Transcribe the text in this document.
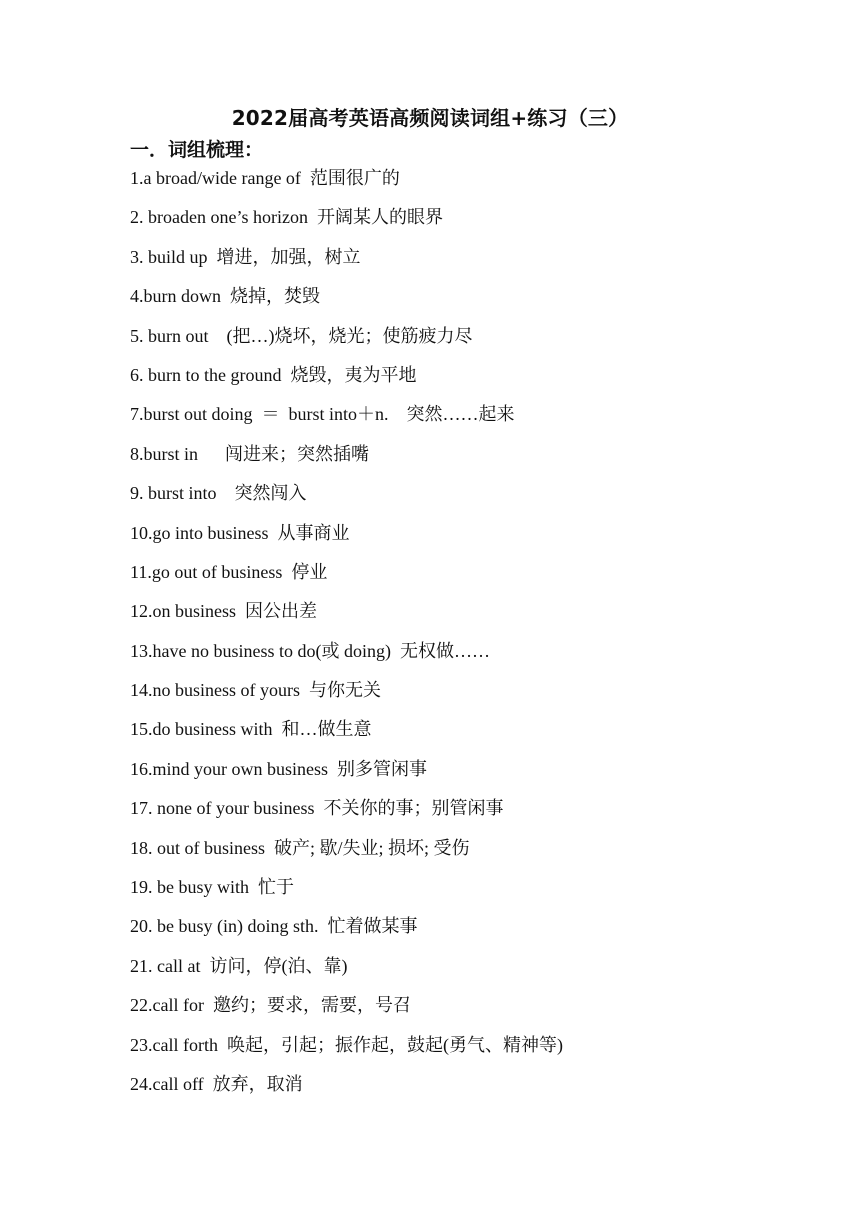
2022届高考英语高频阅读词组+练习（三）
一．词组梳理：
1.a broad/wide range of  范围很广的
2. broaden one’s horizon  开阔某人的眼界
3. build up  增进，加强，树立
4.burn down  烧掉，焚毁
5. burn out    (把…)烧坏，烧光；使筋疲力尽
6. burn to the ground  烧毁，夷为平地
7.burst out doing  ＝  burst into＋n.    突然……起来
8.burst in      闯进来；突然插嘴
9. burst into    突然闯入
10.go into business  从事商业
11.go out of business  停业
12.on business  因公出差
13.have no business to do(或 doing)  无权做……
14.no business of yours  与你无关
15.do business with  和…做生意
16.mind your own business  别多管闲事
17. none of your business  不关你的事；别管闲事
18. out of business  破产; 歇/失业; 损坏; 受伤
19. be busy with  忙于
20. be busy (in) doing sth.  忙着做某事
21. call at  访问，停(泊、靠)
22.call for  邀约；要求，需要，号召
23.call forth  唤起，引起；振作起，鼓起(勇气、精神等)
24.call off  放弃，取消
